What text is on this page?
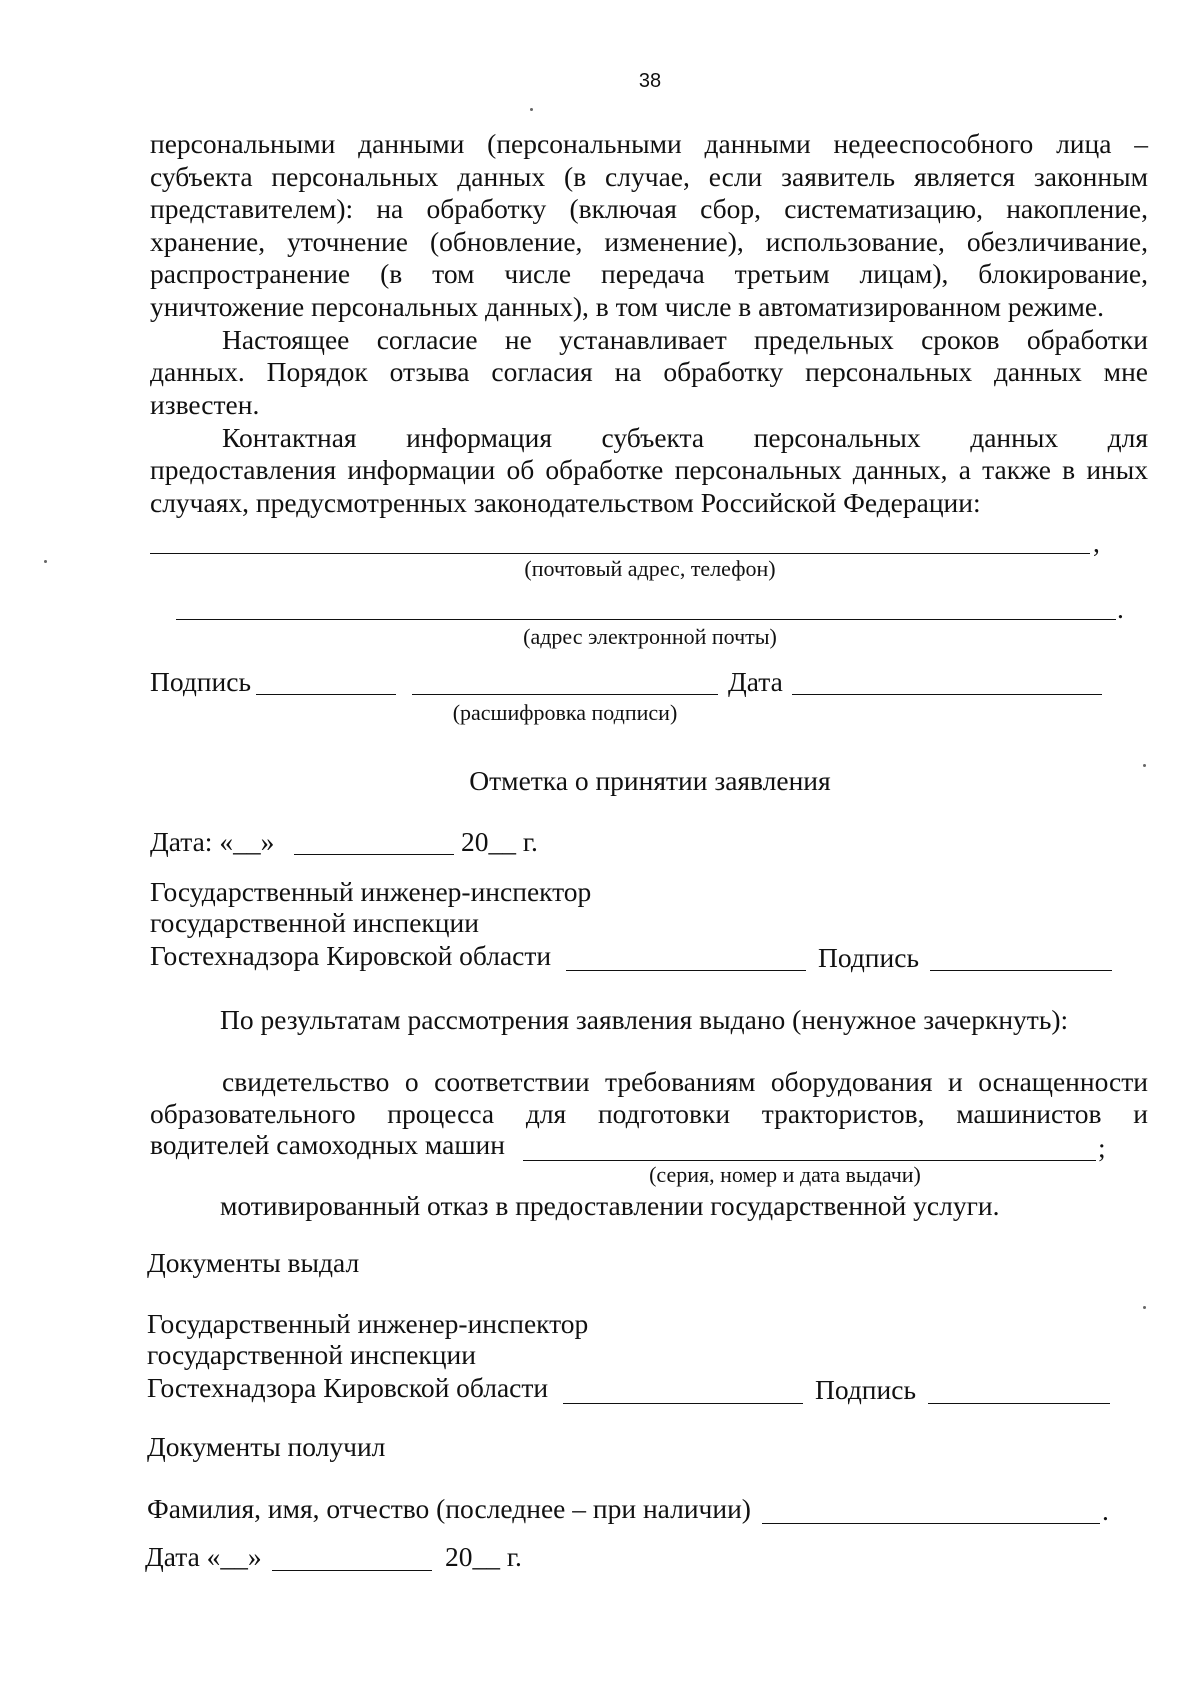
38
персональными данными (персональными данными недееспособного лица –
субъекта персональных данных (в случае, если заявитель является законным
представителем): на обработку (включая сбор, систематизацию, накопление,
хранение, уточнение (обновление, изменение), использование, обезличивание,
распространение (в том числе передача третьим лицам), блокирование,
уничтожение персональных данных), в том числе в автоматизированном режиме.
Настоящее согласие не устанавливает предельных сроков обработки
данных. Порядок отзыва согласия на обработку персональных данных мне
известен.
Контактная информация субъекта персональных данных для
предоставления информации об обработке персональных данных, а также в иных
случаях, предусмотренных законодательством Российской Федерации:
,
(почтовый адрес, телефон)
.
(адрес электронной почты)
Подпись	Дата
(расшифровка подписи)
Отметка о принятии заявления
Дата: «__»	20__ г.
Государственный инженер-инспектор
государственной инспекции
Гостехнадзора Кировской области	Подпись
По результатам рассмотрения заявления выдано (ненужное зачеркнуть):
свидетельство о соответствии требованиям оборудования и оснащенности
образовательного процесса для подготовки трактористов, машинистов и
водителей самоходных машин	;
(серия, номер и дата выдачи)
мотивированный отказ в предоставлении государственной услуги.
Документы выдал
Государственный инженер-инспектор
государственной инспекции
Гостехнадзора Кировской области	Подпись
Документы получил
Фамилия, имя, отчество (последнее – при наличии)	.
Дата «__»	20__ г.
